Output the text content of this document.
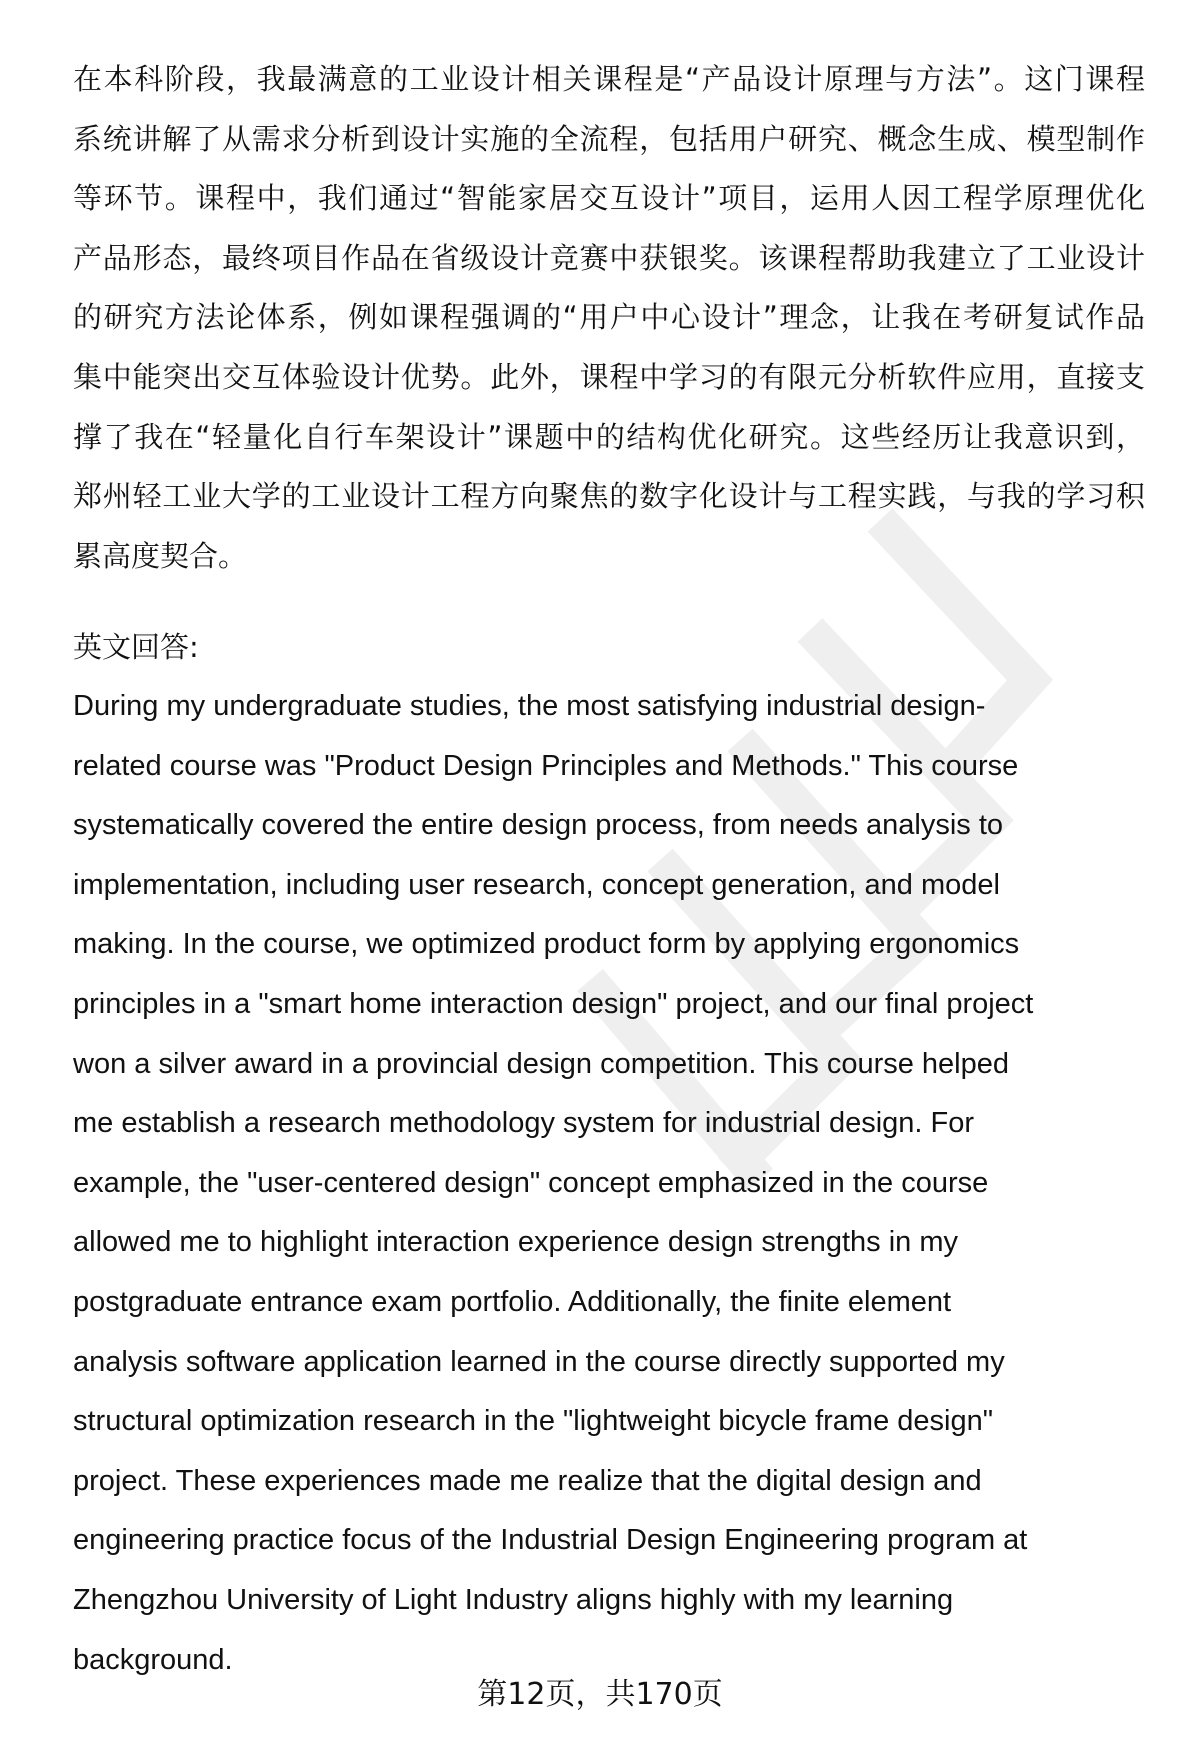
在本科阶段，我最满意的工业设计相关课程是“产品设计原理与方法”。这门课程
系统讲解了从需求分析到设计实施的全流程，包括用户研究、概念生成、模型制作
等环节。课程中，我们通过“智能家居交互设计”项目，运用人因工程学原理优化
产品形态，最终项目作品在省级设计竞赛中获银奖。该课程帮助我建立了工业设计
的研究方法论体系，例如课程强调的“用户中心设计”理念，让我在考研复试作品
集中能突出交互体验设计优势。此外，课程中学习的有限元分析软件应用，直接支
撑了我在“轻量化自行车架设计”课题中的结构优化研究。这些经历让我意识到，
郑州轻工业大学的工业设计工程方向聚焦的数字化设计与工程实践，与我的学习积
累高度契合。
英文回答:
During my undergraduate studies, the most satisfying industrial design-
related course was "Product Design Principles and Methods." This course
systematically covered the entire design process, from needs analysis to
implementation, including user research, concept generation, and model
making. In the course, we optimized product form by applying ergonomics
principles in a "smart home interaction design" project, and our final project
won a silver award in a provincial design competition. This course helped
me establish a research methodology system for industrial design. For
example, the "user-centered design" concept emphasized in the course
allowed me to highlight interaction experience design strengths in my
postgraduate entrance exam portfolio. Additionally, the finite element
analysis software application learned in the course directly supported my
structural optimization research in the "lightweight bicycle frame design"
project. These experiences made me realize that the digital design and
engineering practice focus of the Industrial Design Engineering program at
Zhengzhou University of Light Industry aligns highly with my learning
background.
第12页，共170页
